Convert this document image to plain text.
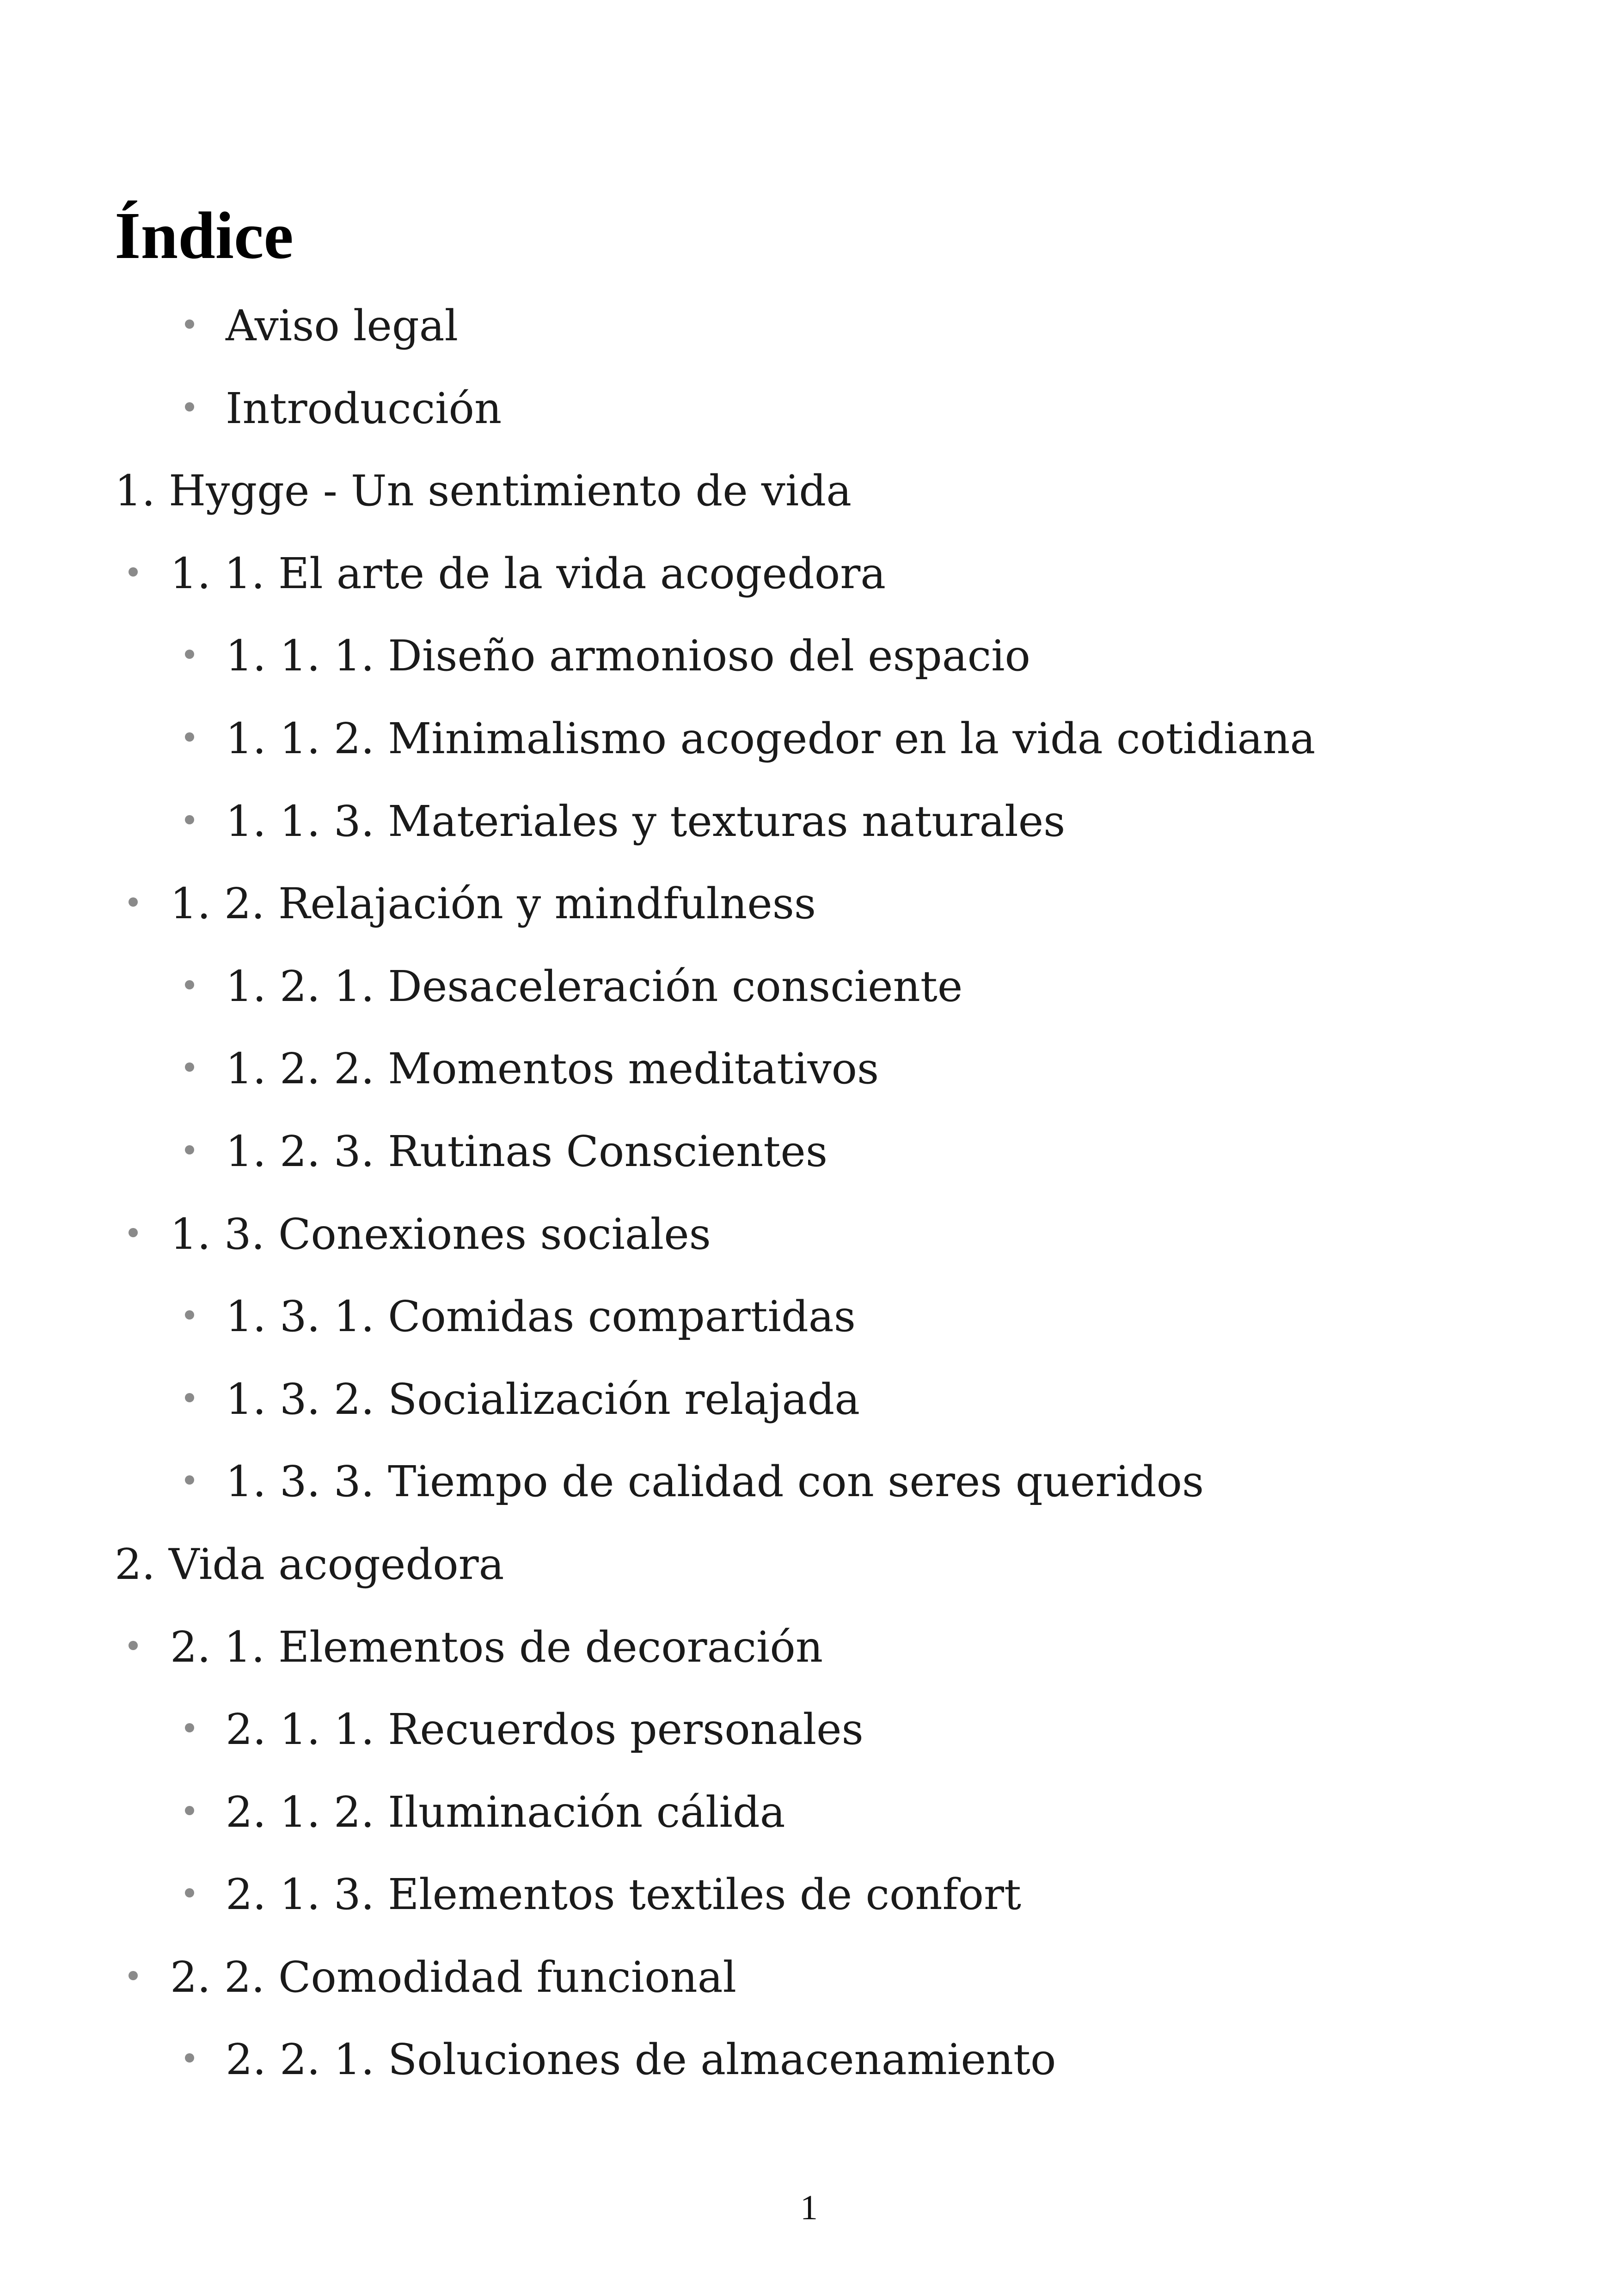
Índice
Aviso legal
Introducción
1. Hygge - Un sentimiento de vida
1. 1. El arte de la vida acogedora
1. 1. 1. Diseño armonioso del espacio
1. 1. 2. Minimalismo acogedor en la vida cotidiana
1. 1. 3. Materiales y texturas naturales
1. 2. Relajación y mindfulness
1. 2. 1. Desaceleración consciente
1. 2. 2. Momentos meditativos
1. 2. 3. Rutinas Conscientes
1. 3. Conexiones sociales
1. 3. 1. Comidas compartidas
1. 3. 2. Socialización relajada
1. 3. 3. Tiempo de calidad con seres queridos
2. Vida acogedora
2. 1. Elementos de decoración
2. 1. 1. Recuerdos personales
2. 1. 2. Iluminación cálida
2. 1. 3. Elementos textiles de confort
2. 2. Comodidad funcional
2. 2. 1. Soluciones de almacenamiento
1
